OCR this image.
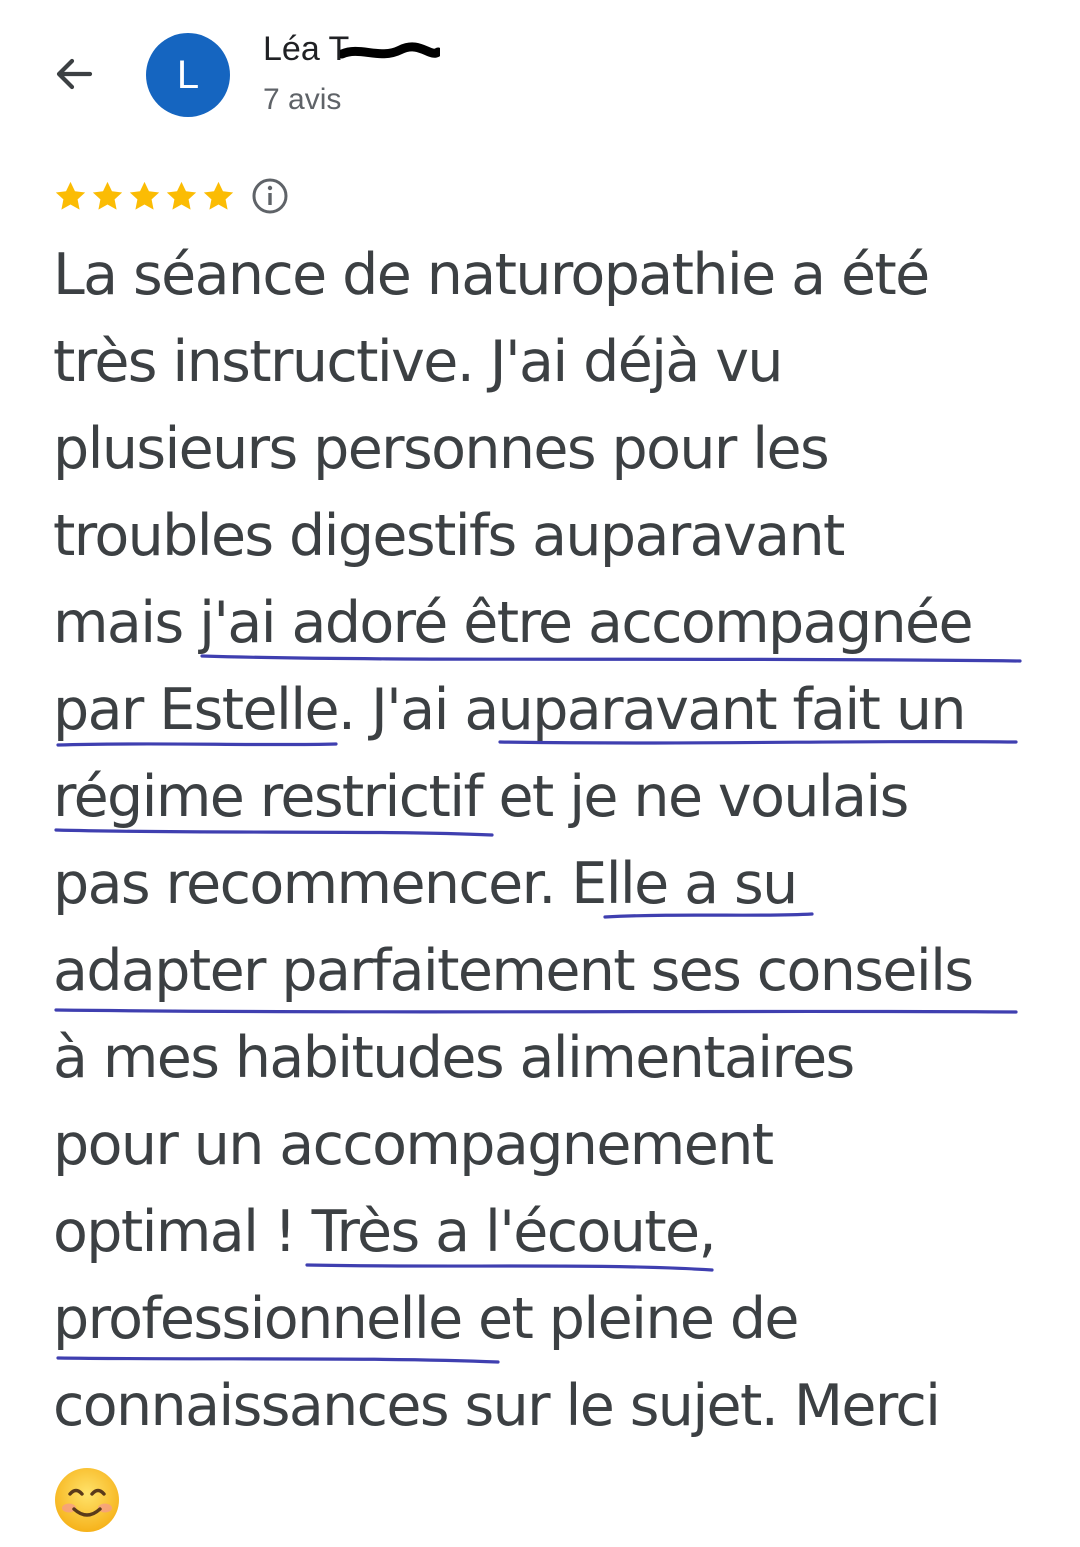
L
Léa T
7 avis
La séance de naturopathie a été
très instructive. J'ai déjà vu
plusieurs personnes pour les
troubles digestifs auparavant
mais j'ai adoré être accompagnée
par Estelle. J'ai auparavant fait un
régime restrictif et je ne voulais
pas recommencer. Elle a su
adapter parfaitement ses conseils
à mes habitudes alimentaires
pour un accompagnement
optimal ! Très a l'écoute,
professionnelle et pleine de
connaissances sur le sujet. Merci
